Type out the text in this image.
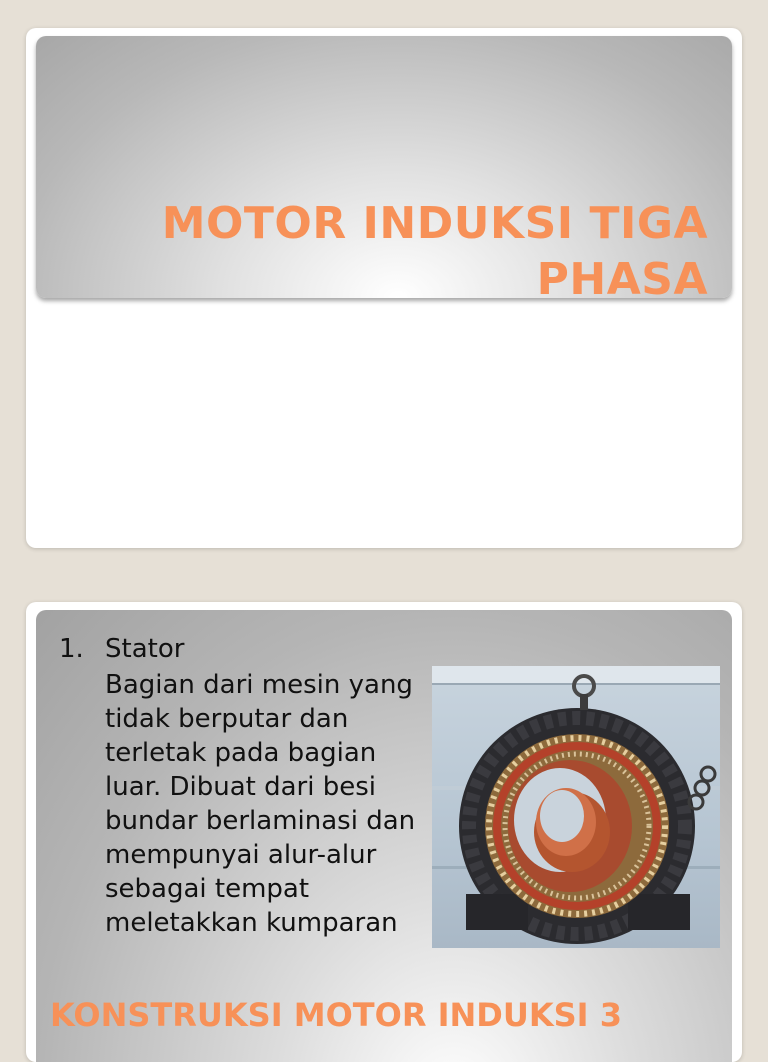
MOTOR INDUKSI TIGA
PHASA
1. Stator

Bagian dari mesin yang tidak berputar dan terletak pada bagian luar. Dibuat dari besi bundar berlaminasi dan mempunyai alur-alur sebagai tempat meletakkan kumparan

KONSTRUKSI MOTOR INDUKSI 3
